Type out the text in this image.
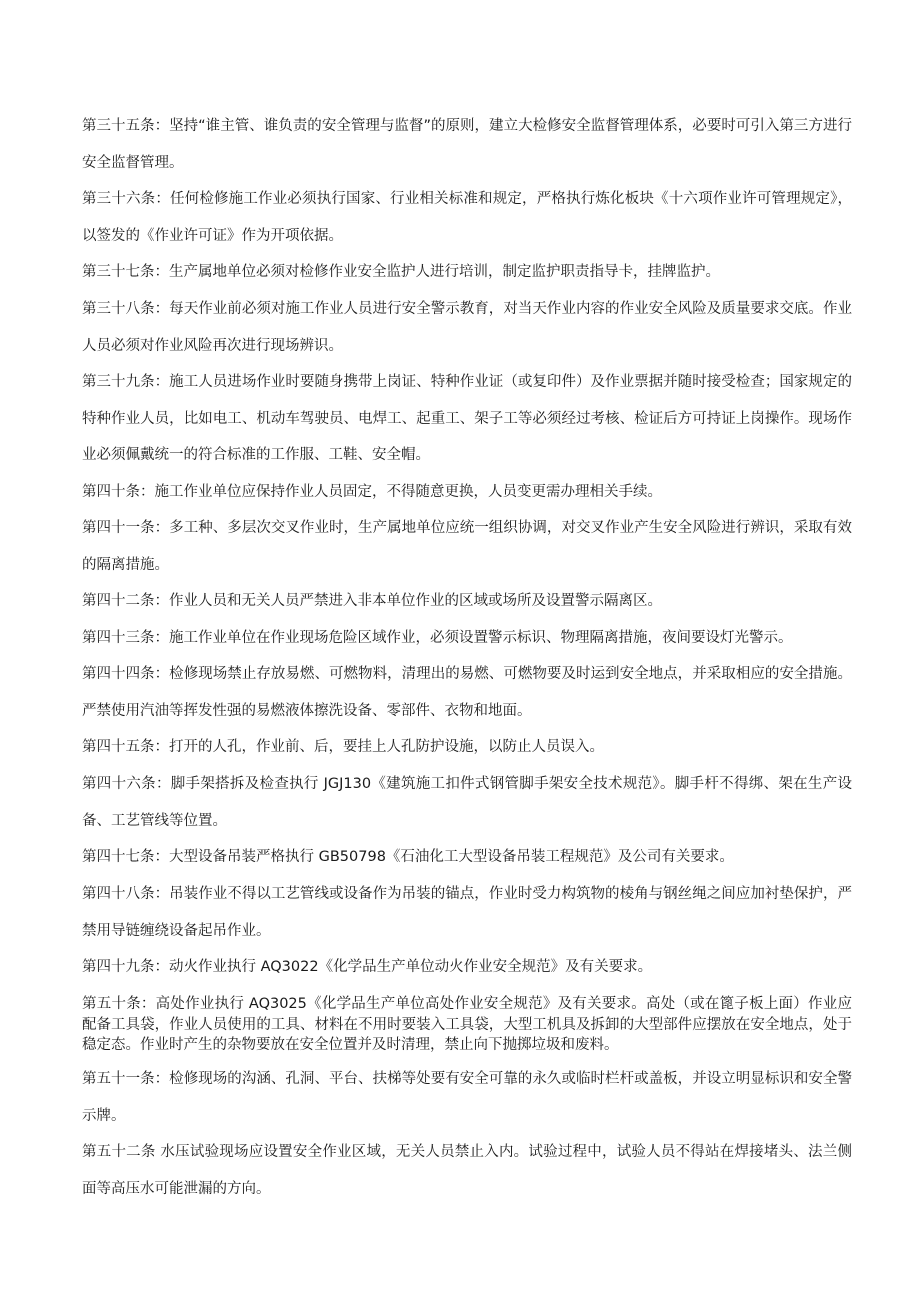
第三十五条：坚持“谁主管、谁负责的安全管理与监督”的原则，建立大检修安全监督管理体系，必要时可引入第三方进行安全监督管理。

第三十六条：任何检修施工作业必须执行国家、行业相关标准和规定，严格执行炼化板块《十六项作业许可管理规定》，以签发的《作业许可证》作为开项依据。

第三十七条：生产属地单位必须对检修作业安全监护人进行培训，制定监护职责指导卡，挂牌监护。

第三十八条：每天作业前必须对施工作业人员进行安全警示教育，对当天作业内容的作业安全风险及质量要求交底。作业人员必须对作业风险再次进行现场辨识。

第三十九条：施工人员进场作业时要随身携带上岗证、特种作业证（或复印件）及作业票据并随时接受检查；国家规定的特种作业人员，比如电工、机动车驾驶员、电焊工、起重工、架子工等必须经过考核、检证后方可持证上岗操作。现场作业必须佩戴统一的符合标准的工作服、工鞋、安全帽。

第四十条：施工作业单位应保持作业人员固定，不得随意更换，人员变更需办理相关手续。

第四十一条：多工种、多层次交叉作业时，生产属地单位应统一组织协调，对交叉作业产生安全风险进行辨识，采取有效的隔离措施。

第四十二条：作业人员和无关人员严禁进入非本单位作业的区域或场所及设置警示隔离区。

第四十三条：施工作业单位在作业现场危险区域作业，必须设置警示标识、物理隔离措施，夜间要设灯光警示。

第四十四条：检修现场禁止存放易燃、可燃物料，清理出的易燃、可燃物要及时运到安全地点，并采取相应的安全措施。严禁使用汽油等挥发性强的易燃液体擦洗设备、零部件、衣物和地面。

第四十五条：打开的人孔，作业前、后，要挂上人孔防护设施，以防止人员误入。

第四十六条：脚手架搭拆及检查执行 JGJ130《建筑施工扣件式钢管脚手架安全技术规范》。脚手杆不得绑、架在生产设备、工艺管线等位置。

第四十七条：大型设备吊装严格执行 GB50798《石油化工大型设备吊装工程规范》及公司有关要求。

第四十八条：吊装作业不得以工艺管线或设备作为吊装的锚点，作业时受力构筑物的棱角与钢丝绳之间应加衬垫保护，严禁用导链缠绕设备起吊作业。

第四十九条：动火作业执行 AQ3022《化学品生产单位动火作业安全规范》及有关要求。

第五十条：高处作业执行 AQ3025《化学品生产单位高处作业安全规范》及有关要求。高处（或在篦子板上面）作业应配备工具袋，作业人员使用的工具、材料在不用时要装入工具袋，大型工机具及拆卸的大型部件应摆放在安全地点，处于稳定态。作业时产生的杂物要放在安全位置并及时清理，禁止向下抛掷垃圾和废料。

第五十一条：检修现场的沟涵、孔洞、平台、扶梯等处要有安全可靠的永久或临时栏杆或盖板，并设立明显标识和安全警示牌。

第五十二条 水压试验现场应设置安全作业区域，无关人员禁止入内。试验过程中，试验人员不得站在焊接堵头、法兰侧面等高压水可能泄漏的方向。
